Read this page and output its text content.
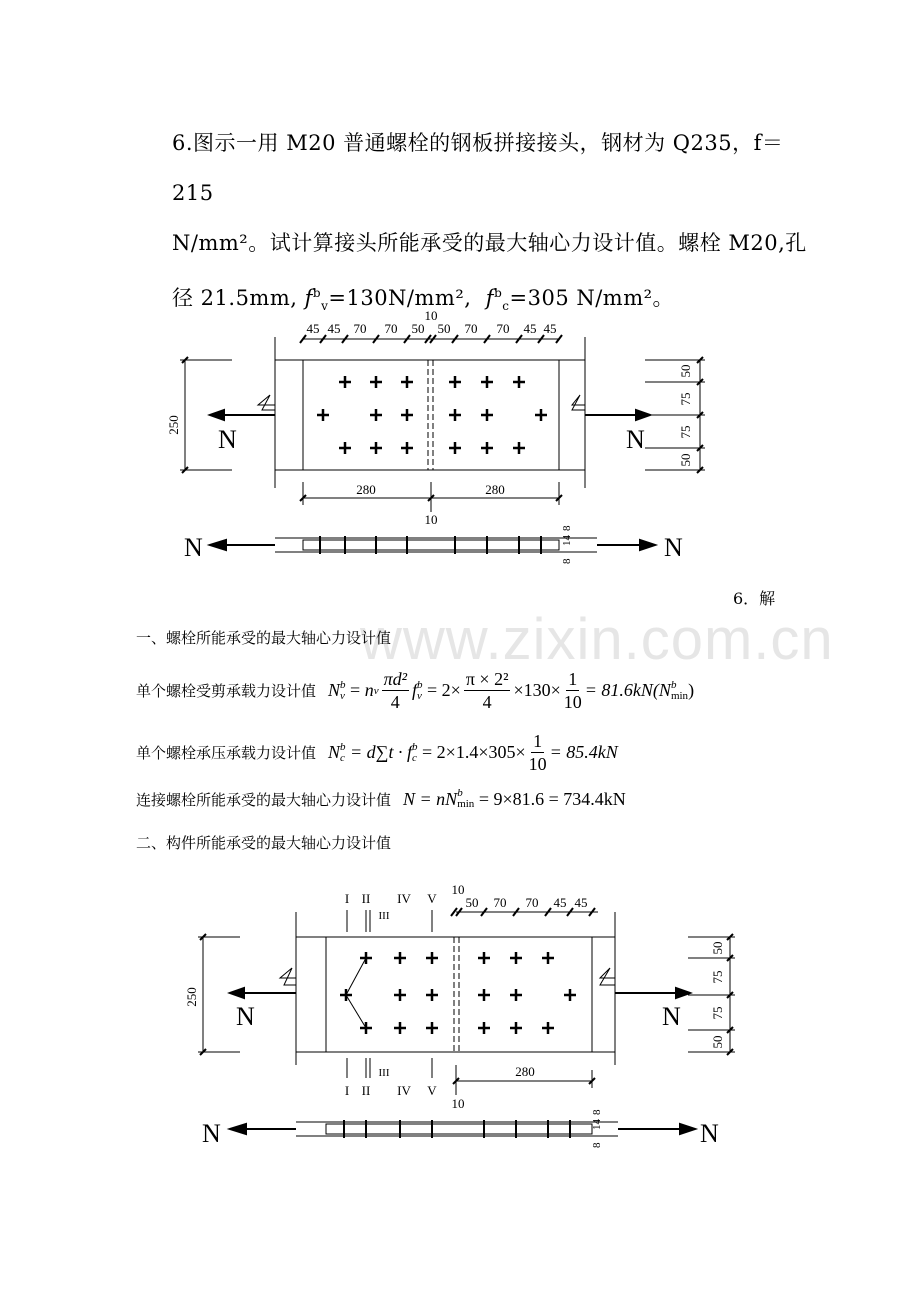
6.图示一用 M20 普通螺栓的钢板拼接接头，钢材为 Q235，f＝215
N/mm²。试计算接头所能承受的最大轴心力设计值。螺栓 M20,孔
径 21.5mm, $f^b_v=130N$/mm², $f^b_c=305$ N/mm²。
250
280
10
280
50
75
75
50
8
14
8
45 45 70 70 50
10
50 70 70 45 45
N	N
N	N
6．解
www.zixin.com.cn
一、螺栓所能承受的最大轴心力设计值
单个螺栓受剪承载力设计值 N b
v
=
n v $\frac{\text{πd²}}{4}$ f b
v
= $2\times \frac{\text{π × 2²}}{4} \times 130\times \frac{1}{10} = 81.6kN(N$ b
min )
单个螺栓承压承载力设计值 N b
c
= d∑t · f b
c
= $2\times 1.4\times 305\times \frac{1}{10} = 85.4kN$
连接螺栓所能承受的最大轴心力设计值 N = nN b
min
= 9×81.6 = 734.4kN
二、构件所能承受的最大轴心力设计值
I II
III
IV V
I II
III
IV V
250
280
10
50
75
75
50
8
14
8
10
50 70 70 45 45
N	N
N	N
